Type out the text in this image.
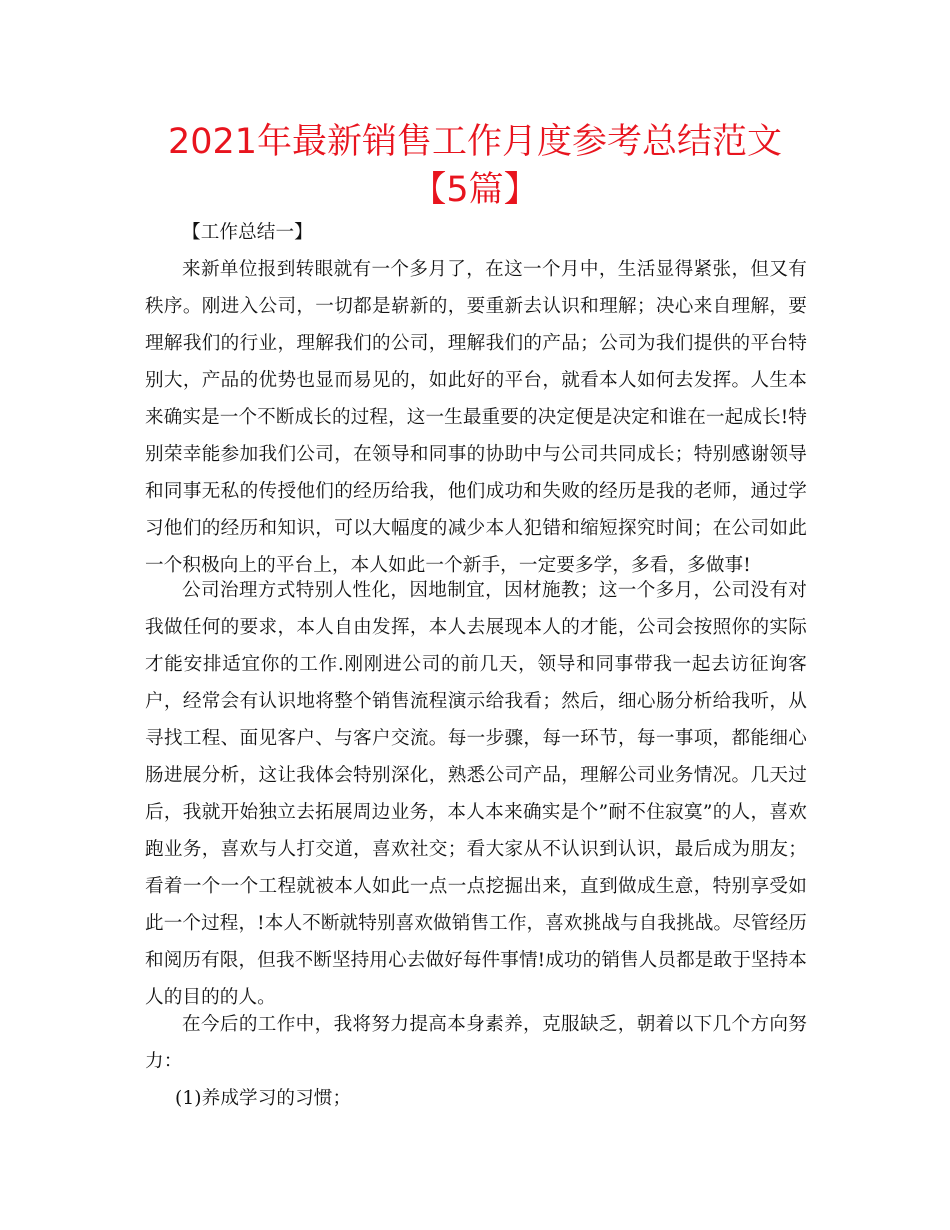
2021年最新销售工作月度参考总结范文【5篇】

【工作总结一】

来新单位报到转眼就有一个多月了，在这一个月中，生活显得紧张，但又有秩序。刚进入公司，一切都是崭新的，要重新去认识和理解；决心来自理解，要理解我们的行业，理解我们的公司，理解我们的产品；公司为我们提供的平台特别大，产品的优势也显而易见的，如此好的平台，就看本人如何去发挥。人生本来确实是一个不断成长的过程，这一生最重要的决定便是决定和谁在一起成长!特别荣幸能参加我们公司，在领导和同事的协助中与公司共同成长；特别感谢领导和同事无私的传授他们的经历给我，他们成功和失败的经历是我的老师，通过学习他们的经历和知识，可以大幅度的减少本人犯错和缩短探究时间；在公司如此一个积极向上的平台上，本人如此一个新手，一定要多学，多看，多做事!

公司治理方式特别人性化，因地制宜，因材施教；这一个多月，公司没有对我做任何的要求，本人自由发挥，本人去展现本人的才能，公司会按照你的实际才能安排适宜你的工作.刚刚进公司的前几天，领导和同事带我一起去访征询客户，经常会有认识地将整个销售流程演示给我看；然后，细心肠分析给我听，从寻找工程、面见客户、与客户交流。每一步骤，每一环节，每一事项，都能细心肠进展分析，这让我体会特别深化，熟悉公司产品，理解公司业务情况。几天过后，我就开始独立去拓展周边业务，本人本来确实是个”耐不住寂寞”的人，喜欢跑业务，喜欢与人打交道，喜欢社交；看大家从不认识到认识，最后成为朋友；看着一个一个工程就被本人如此一点一点挖掘出来，直到做成生意，特别享受如此一个过程，!本人不断就特别喜欢做销售工作，喜欢挑战与自我挑战。尽管经历和阅历有限，但我不断坚持用心去做好每件事情!成功的销售人员都是敢于坚持本人的目的的人。

在今后的工作中，我将努力提高本身素养，克服缺乏，朝着以下几个方向努力：

(1)养成学习的习惯；
